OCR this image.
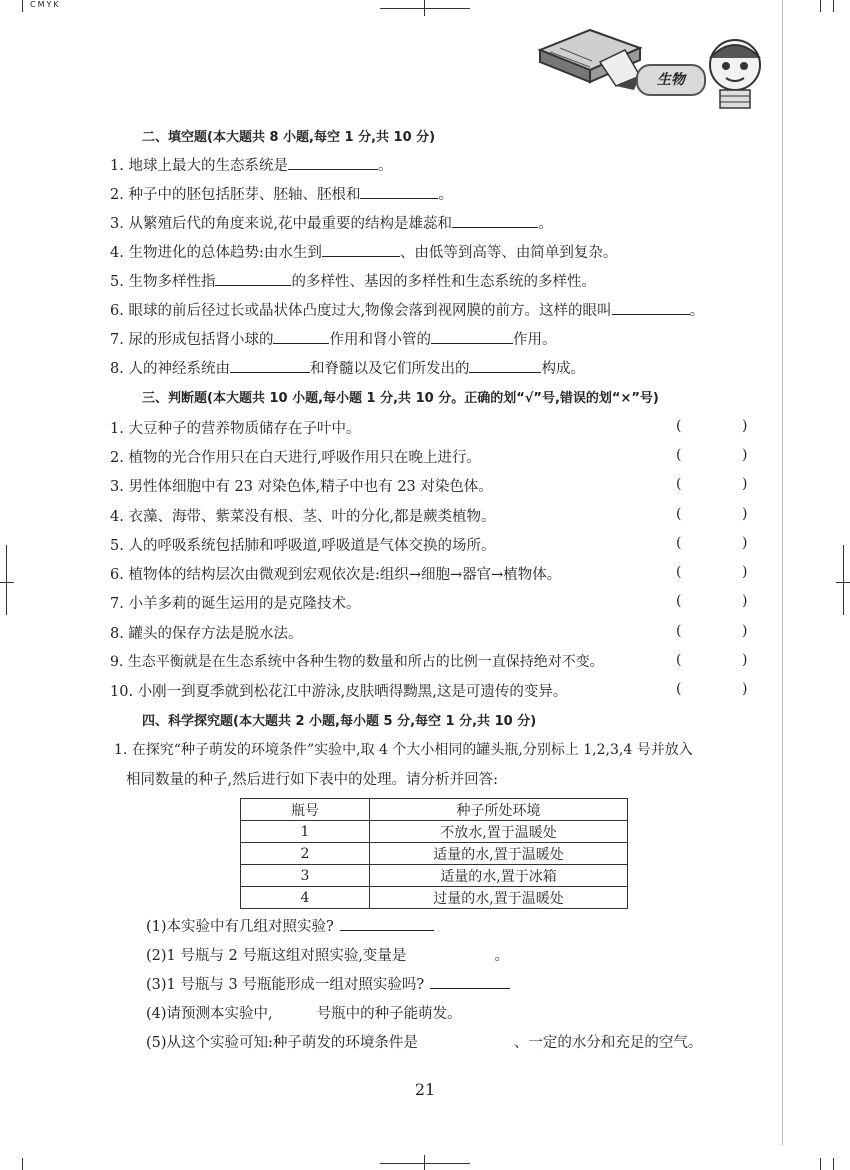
CMYK
生物
二、填空题(本大题共 8 小题,每空 1 分,共 10 分)
1. 地球上最大的生态系统是	。
2. 种子中的胚包括胚芽、胚轴、胚根和	。
3. 从繁殖后代的角度来说,花中最重要的结构是雄蕊和	。
4. 生物进化的总体趋势:由水生到	、由低等到高等、由简单到复杂。
5. 生物多样性指	的多样性、基因的多样性和生态系统的多样性。
6. 眼球的前后径过长或晶状体凸度过大,物像会落到视网膜的前方。这样的眼叫	。
7. 尿的形成包括肾小球的	作用和肾小管的	作用。
8. 人的神经系统由	和脊髓以及它们所发出的	构成。
三、判断题(本大题共 10 小题,每小题 1 分,共 10 分。正确的划“√”号,错误的划“×”号)
1. 大豆种子的营养物质储存在子叶中。	(	)
2. 植物的光合作用只在白天进行,呼吸作用只在晚上进行。	(	)
3. 男性体细胞中有 23 对染色体,精子中也有 23 对染色体。	(	)
4. 衣藻、海带、紫菜没有根、茎、叶的分化,都是蕨类植物。	(	)
5. 人的呼吸系统包括肺和呼吸道,呼吸道是气体交换的场所。	(	)
6. 植物体的结构层次由微观到宏观依次是:组织→细胞→器官→植物体。	(	)
7. 小羊多莉的诞生运用的是克隆技术。	(	)
8. 罐头的保存方法是脱水法。	(	)
9. 生态平衡就是在生态系统中各种生物的数量和所占的比例一直保持绝对不变。	(	)
10. 小刚一到夏季就到松花江中游泳,皮肤晒得黝黑,这是可遗传的变异。	(	)
四、科学探究题(本大题共 2 小题,每小题 5 分,每空 1 分,共 10 分)
1. 在探究“种子萌发的环境条件”实验中,取 4 个大小相同的罐头瓶,分别标上 1,2,3,4 号并放入
相同数量的种子,然后进行如下表中的处理。请分析并回答:
瓶号	种子所处环境
1	不放水,置于温暖处
2	适量的水,置于温暖处
3	适量的水,置于冰箱
4	过量的水,置于温暖处
(1)本实验中有几组对照实验?
(2)1 号瓶与 2 号瓶这组对照实验,变量是	。
(3)1 号瓶与 3 号瓶能形成一组对照实验吗?
(4)请预测本实验中,	号瓶中的种子能萌发。
(5)从这个实验可知:种子萌发的环境条件是	、一定的水分和充足的空气。
21
